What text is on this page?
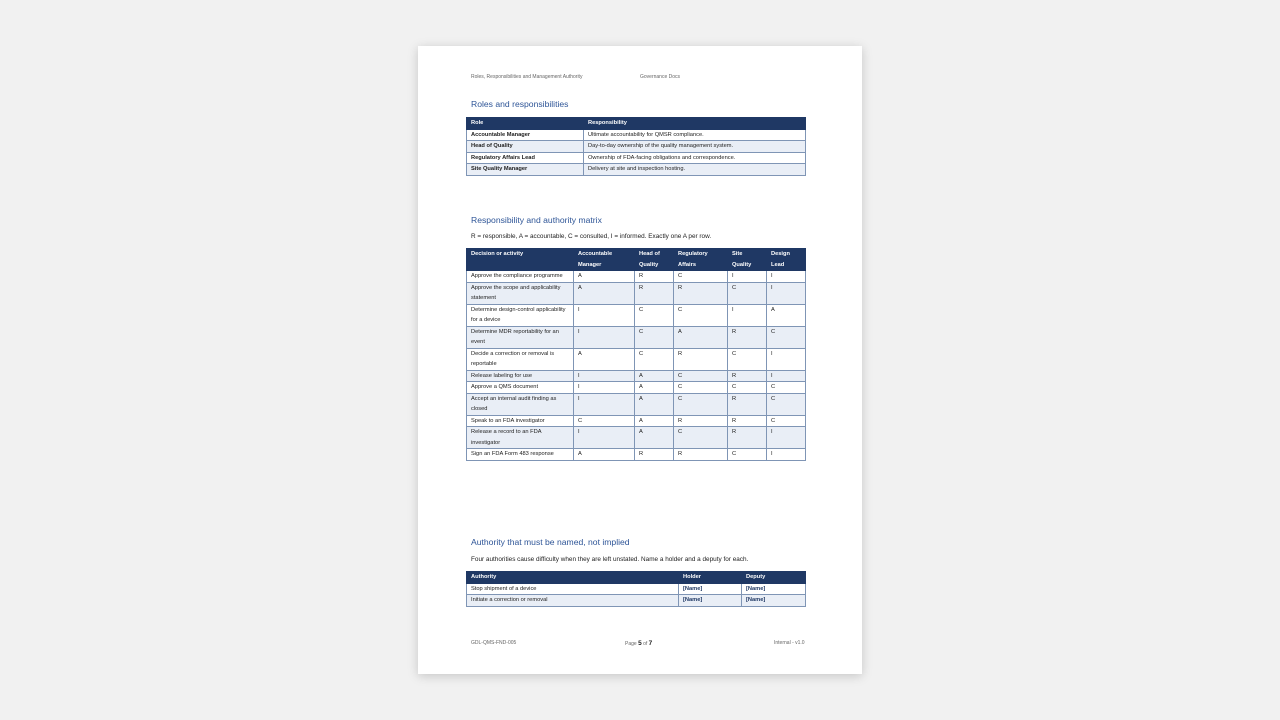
Roles, Responsibilities and Management Authority	Governance Docs
Roles and responsibilities
Role	Responsibility
Accountable Manager	Ultimate accountability for QMSR compliance.
Head of Quality	Day-to-day ownership of the quality management system.
Regulatory Affairs Lead	Ownership of FDA-facing obligations and correspondence.
Site Quality Manager	Delivery at site and inspection hosting.
Responsibility and authority matrix
R = responsible, A = accountable, C = consulted, I = informed. Exactly one A per row.
Decision or activity	Accountable Manager	Head of Quality	Regulatory Affairs	Site Quality	Design Lead
Approve the compliance programme	A	R	C	I	I
Approve the scope and applicability statement	A	R	R	C	I
Determine design-control applicability for a device	I	C	C	I	A
Determine MDR reportability for an event	I	C	A	R	C
Decide a correction or removal is reportable	A	C	R	C	I
Release labeling for use	I	A	C	R	I
Approve a QMS document	I	A	C	C	C
Accept an internal audit finding as closed	I	A	C	R	C
Speak to an FDA investigator	C	A	R	R	C
Release a record to an FDA investigator	I	A	C	R	I
Sign an FDA Form 483 response	A	R	R	C	I
Authority that must be named, not implied
Four authorities cause difficulty when they are left unstated. Name a holder and a deputy for each.
Authority	Holder	Deputy
Stop shipment of a device	[Name]	[Name]
Initiate a correction or removal	[Name]	[Name]
GDL-QMS-FND-005	Page 5 of 7	Internal - v1.0
